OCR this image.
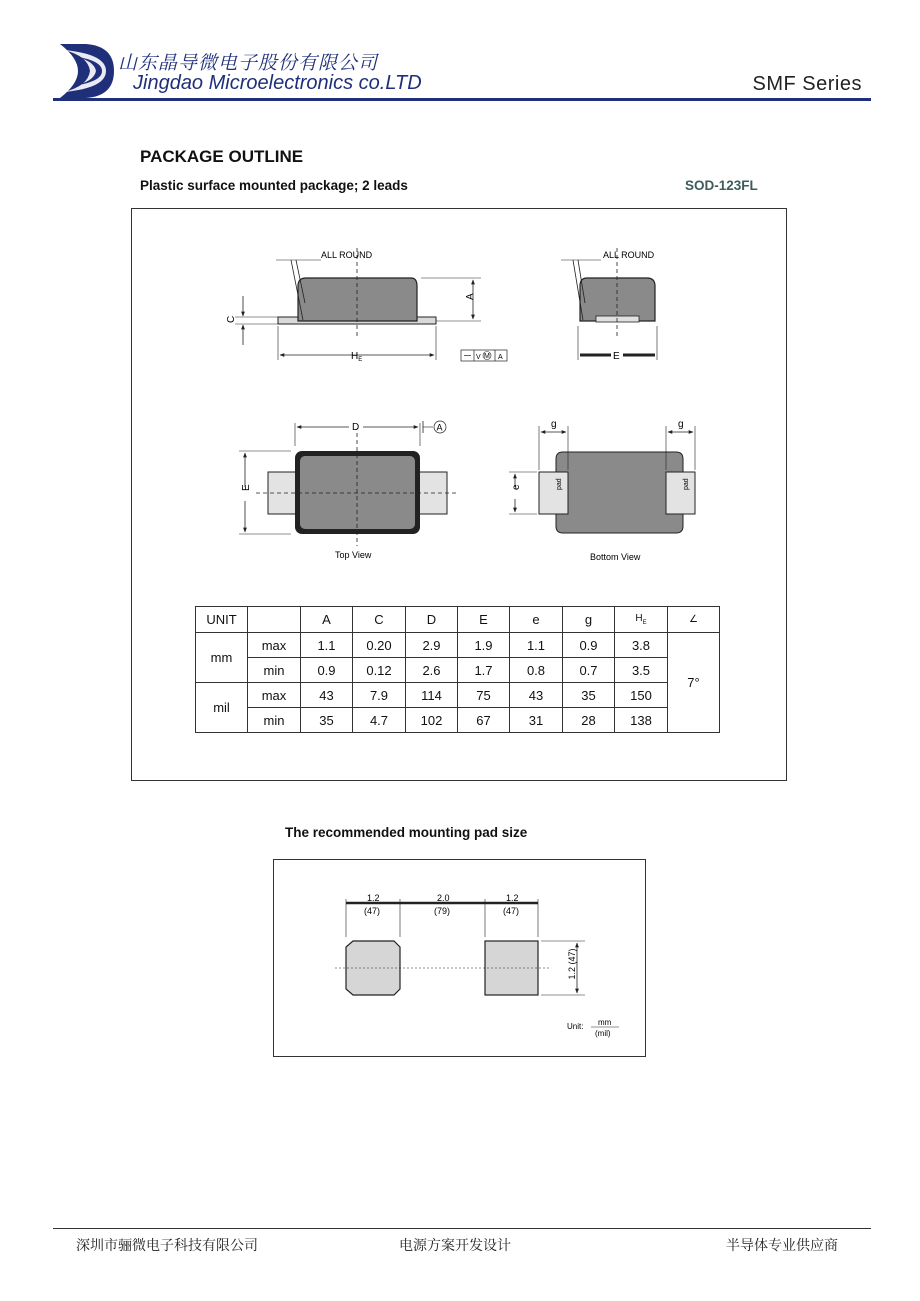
山东晶导微电子股份有限公司
Jingdao Microelectronics co.LTD	SMF Series
PACKAGE OUTLINE
Plastic surface mounted package; 2 leads	SOD-123FL
ALL ROUND
A
C
$H_E$	V M A
ALL ROUND
E
D	A
E
Top View
pad	pad
g	g
e
Bottom View
UNIT		A	C	D	E	e	g	$H_E$	∠
mm	max	1.1	0.20	2.9	1.9	1.1	0.9	3.8	7°
	min	0.9	0.12	2.6	1.7	0.8	0.7	3.5	
mil	max	43	7.9	114	75	43	35	150	
	min	35	4.7	102	67	31	28	138	
The recommended mounting pad size
1.2
(47)
2.0
(79)
1.2
(47)
1.2 (47)
Unit: mm
(mil)
深圳市骊微电子科技有限公司	电源方案开发设计	半导体专业供应商
